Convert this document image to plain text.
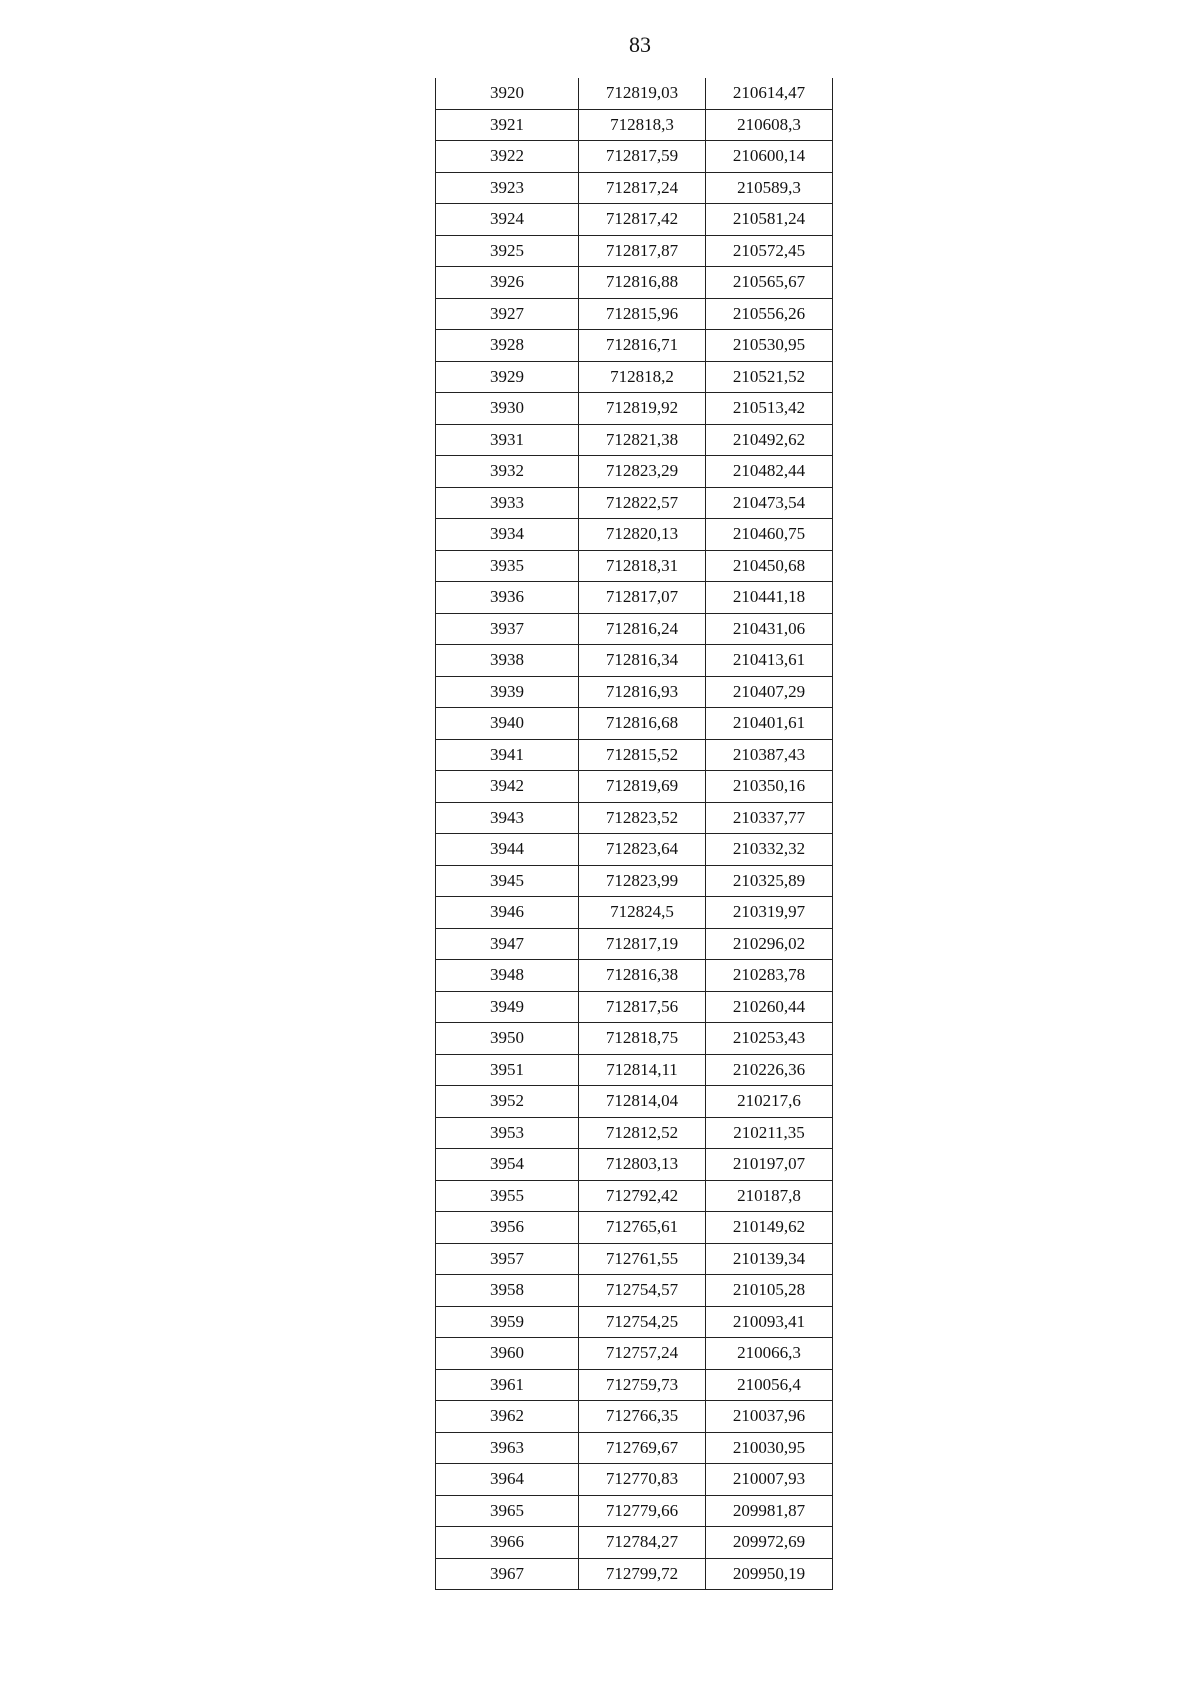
83
3920	712819,03	210614,47
3921	712818,3	210608,3
3922	712817,59	210600,14
3923	712817,24	210589,3
3924	712817,42	210581,24
3925	712817,87	210572,45
3926	712816,88	210565,67
3927	712815,96	210556,26
3928	712816,71	210530,95
3929	712818,2	210521,52
3930	712819,92	210513,42
3931	712821,38	210492,62
3932	712823,29	210482,44
3933	712822,57	210473,54
3934	712820,13	210460,75
3935	712818,31	210450,68
3936	712817,07	210441,18
3937	712816,24	210431,06
3938	712816,34	210413,61
3939	712816,93	210407,29
3940	712816,68	210401,61
3941	712815,52	210387,43
3942	712819,69	210350,16
3943	712823,52	210337,77
3944	712823,64	210332,32
3945	712823,99	210325,89
3946	712824,5	210319,97
3947	712817,19	210296,02
3948	712816,38	210283,78
3949	712817,56	210260,44
3950	712818,75	210253,43
3951	712814,11	210226,36
3952	712814,04	210217,6
3953	712812,52	210211,35
3954	712803,13	210197,07
3955	712792,42	210187,8
3956	712765,61	210149,62
3957	712761,55	210139,34
3958	712754,57	210105,28
3959	712754,25	210093,41
3960	712757,24	210066,3
3961	712759,73	210056,4
3962	712766,35	210037,96
3963	712769,67	210030,95
3964	712770,83	210007,93
3965	712779,66	209981,87
3966	712784,27	209972,69
3967	712799,72	209950,19
